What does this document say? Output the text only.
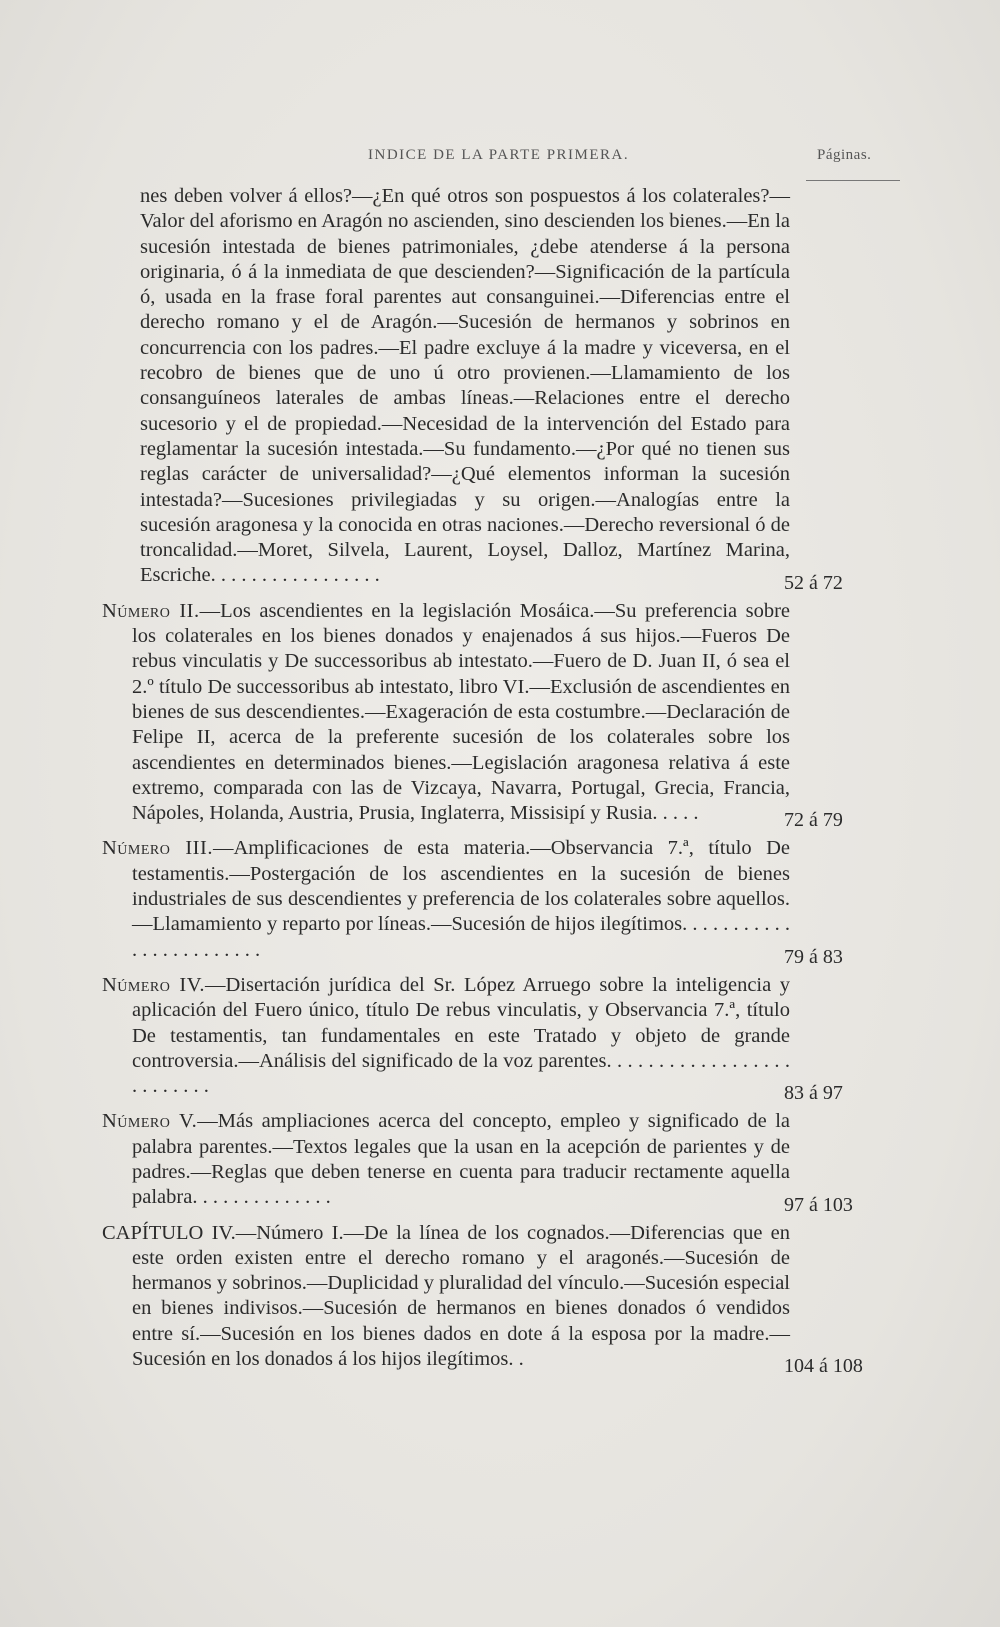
INDICE DE LA PARTE PRIMERA.	Páginas.

nes deben volver á ellos?—¿En qué otros son pospuestos á los colaterales?—Valor del aforismo en Aragón no ascienden, sino descienden los bienes.—En la sucesión intestada de bienes patrimoniales, ¿debe atenderse á la persona originaria, ó á la inmediata de que descienden?—Significación de la partícula ó, usada en la frase foral parentes aut consanguinei.—Diferencias entre el derecho romano y el de Aragón.—Sucesión de hermanos y sobrinos en concurrencia con los padres.—El padre excluye á la madre y viceversa, en el recobro de bienes que de uno ú otro provienen.—Llamamiento de los consanguíneos laterales de ambas líneas.—Relaciones entre el derecho sucesorio y el de propiedad.—Necesidad de la intervención del Estado para reglamentar la sucesión intestada.—Su fundamento.—¿Por qué no tienen sus reglas carácter de universalidad?—¿Qué elementos informan la sucesión intestada?—Sucesiones privilegiadas y su origen.—Analogías entre la sucesión aragonesa y la conocida en otras naciones.—Derecho reversional ó de troncalidad.—Moret, Silvela, Laurent, Loysel, Dalloz, Martínez Marina, Escriche. . . . . . . . . . . . . . . . .	52 á 72

Número II.—Los ascendientes en la legislación Mosáica.—Su preferencia sobre los colaterales en los bienes donados y enajenados á sus hijos.—Fueros De rebus vinculatis y De successoribus ab intestato.—Fuero de D. Juan II, ó sea el 2.º título De successoribus ab intestato, libro VI.—Exclusión de ascendientes en bienes de sus descendientes.—Exageración de esta costumbre.—Declaración de Felipe II, acerca de la preferente sucesión de los colaterales sobre los ascendientes en determinados bienes.—Legislación aragonesa relativa á este extremo, comparada con las de Vizcaya, Navarra, Portugal, Grecia, Francia, Nápoles, Holanda, Austria, Prusia, Inglaterra, Missisipí y Rusia. . . . .	72 á 79

Número III.—Amplificaciones de esta materia.—Observancia 7.ª, título De testamentis.—Postergación de los ascendientes en la sucesión de bienes industriales de sus descendientes y preferencia de los colaterales sobre aquellos.—Llamamiento y reparto por líneas.—Sucesión de hijos ilegítimos. . . . . . . . . . . . . . . . . . . . . . . .	79 á 83

Número IV.—Disertación jurídica del Sr. López Arruego sobre la inteligencia y aplicación del Fuero único, título De rebus vinculatis, y Observancia 7.ª, título De testamentis, tan fundamentales en este Tratado y objeto de grande controversia.—Análisis del significado de la voz parentes. . . . . . . . . . . . . . . . . . . . . . . . . .	83 á 97

Número V.—Más ampliaciones acerca del concepto, empleo y significado de la palabra parentes.—Textos legales que la usan en la acepción de parientes y de padres.—Reglas que deben tenerse en cuenta para traducir rectamente aquella palabra. . . . . . . . . . . . . .	97 á 103

CAPÍTULO IV.—Número I.—De la línea de los cognados.—Diferencias que en este orden existen entre el derecho romano y el aragonés.—Sucesión de hermanos y sobrinos.—Duplicidad y pluralidad del vínculo.—Sucesión especial en bienes indivisos.—Sucesión de hermanos en bienes donados ó vendidos entre sí.—Sucesión en los bienes dados en dote á la esposa por la madre.—Sucesión en los donados á los hijos ilegítimos. .	104 á 108
